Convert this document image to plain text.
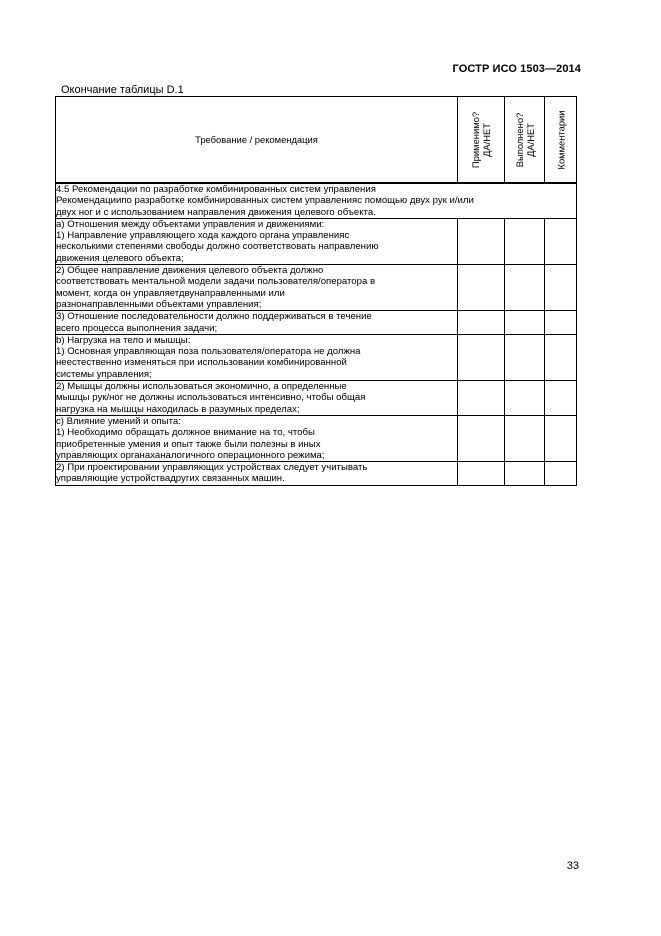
ГОСТР ИСО 1503—2014
Окончание таблицы D.1
Требование / рекомендация	Применимо? ДА/НЕТ	Выполнено? ДА/НЕТ	Комментарии

4.5 Рекомендации по разработке комбинированных систем управления
Рекомендациипо разработке комбинированных систем управленияс помощью двух рук и/или
двух ног и с использованием направления движения целевого объекта.			

a) Отношения между объектами управления и движениями:
1) Направление управляющего хода каждого органа управленияс
несколькими степенями свободы должно соответствовать направлению
движения целевого объекта;			

2) Общее направление движения целевого объекта должно
соответствовать ментальной модели задачи пользователя/оператора в
момент, когда он управляетдвунаправленными или
разнонаправленными объектами управления;			

3) Отношение последовательности должно поддерживаться в течение
всего процесса выполнения задачи;			

b) Нагрузка на тело и мышцы:
1) Основная управляющая поза пользователя/оператора не должна
неестественно изменяться при использовании комбинированной
системы управления;			

2) Мышцы должны использоваться экономично, а определенные
мышцы рук/ног не должны использоваться интенсивно, чтобы общая
нагрузка на мышцы находилась в разумных пределах;			

c) Влияние умений и опыта:
1) Необходимо обращать должное внимание на то, чтобы
приобретенные умения и опыт также были полезны в иных
управляющих органаханалогичного операционного режима;			

2) При проектировании управляющих устройствах следует учитывать
управляющие устройствадругих связанных машин.			

33
